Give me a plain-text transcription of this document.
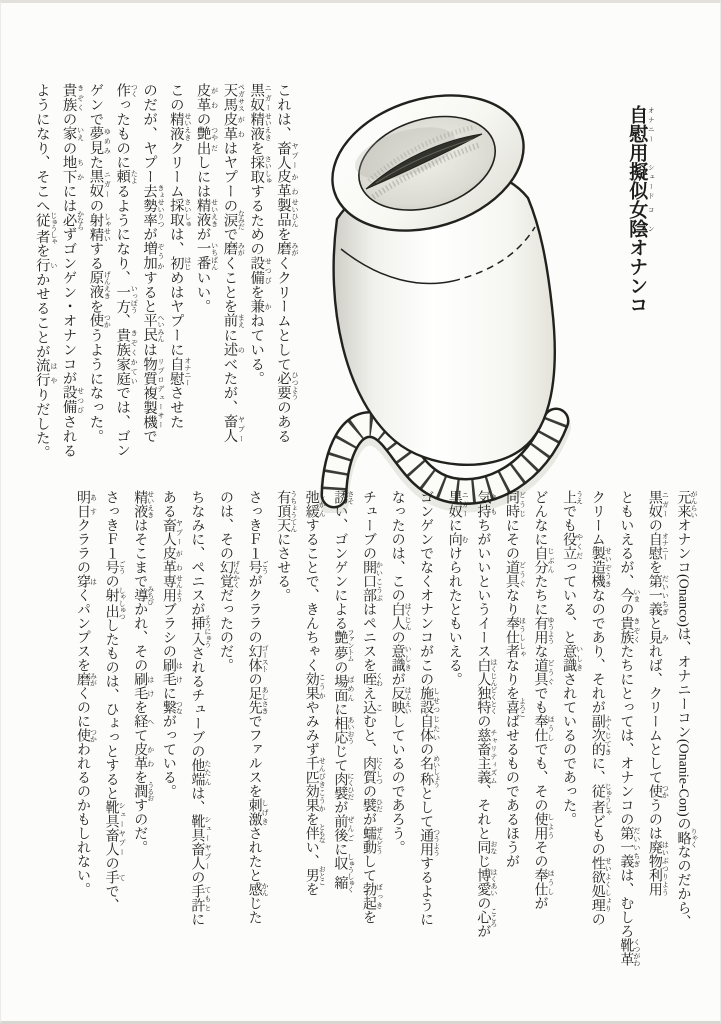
自慰 オナニー用擬似 シュード女陰 コンオナンコ
これは、畜人 ヤプー皮革 かわ製品 せいひんを磨 みがくクリームとして必要 ひつようのある
黒奴 ニガー精液 せいえきを採取 さいしゅするための設備 せつびを兼 かねている。
天馬 ペガサス皮革 がわはヤプーの涙 なみだで磨 みがくことを前 まえに述 のべたが、畜人 ヤプー
皮革 がわの艶 つや出 だしには精液 せいえきが一番 いちばんいい。
この精液 せいえきクリーム採取 さいしゅは、初 はじめはヤプーに自慰 オナニーさせた
のだが、ヤプー去勢率 きょせいりつが増加 ぞうかすると平民 へいみんは物質複製機 リプロデューサーで
作 つくったものに頼 たよるようになり、一方 いっぽう、貴族家庭 きぞくかていでは、ゴン
ゲンで夢見 ゆめみた黒奴 ニガーの射精 しゃせいする原液 げんえきを使 つかうようになった。
貴族 きぞくの家 いえの地下 ちかには必 かならずゴンゲン・オナンコが設備 せつびされる
ようになり、そこへ従者 じゅうしゃを行 いかせることが流行 はやりだした。
元来 がんらいオナンコ(Onanco)は、オナニーコン(Onanie-Con)の略 りゃくなのだから、
黒奴 ニガーの自慰 オナニーを第一義 だいいちぎと見 みれば、クリームとして使 つかうのは廃物利用 はいぶつりよう
ともいえるが、今 いまの貴族 きぞくたちにとっては、オナンコの第一義 だいいちぎは、むしろ靴革 くつがわ
クリーム製造機 せいぞうきなのであり、それが副次的 ふくじてきに、従者 じゅうしゃどもの性欲処理 せいよくしょりの
上 うえでも役立 やくだっている、と意識 いしきされているのであった。
どんなに自分 じぶんたちに有用 ゆうような道具 どうぐでも奉仕 ほうしでも、その使用 しようその奉仕 ほうしが
同時 どうじにその道具 どうぐなり奉仕者 ほうししゃなりを喜 よろこばせるものであるほうが
気持 きもちがいいというイース白人独特 はくじんどくとくの慈畜主義 チャリティズム、それと同 おなじ博愛 はくあいの心 こころが
黒奴 ニガーに向 むけられたともいえる。
ゴンゲンでなくオナンコがこの施設自体 しせつじたいの名称 めいしょうとして通用 つうようするように
なったのは、この白人 はくじんの意識 いしきが反映 はんえいしているのであろう。
チューブの開口部 かいこうぶはペニスを咥 くわえ込 こむと、肉質 にくしつの襞 ひだが蠕動 ぜんどうして勃起 ぼっきを
誘 さそい、ゴンゲンによる艶夢 ファントムの場面 ばめんに相応 あいおうじて肉襞 にくひだが前後 ぜんごに収縮 しゅうしゅく
弛緩 しかんすることで、きんちゃく効果 こうかやみみず千匹効果 せんびきこうかを伴 ともない、男 おとこを
有頂天 うちょうてんにさせる。
さっきＦ１号 ごうがクララの幻体 ゴーストの足先 あしさきでファルスを刺激 しげきされたと感 かんじた
のは、その幻覚 げんかくだったのだ。
ちなみに、ペニスが挿入 そうにゅうされるチューブの他端 たたんは、靴具畜人 シューヤプーの手許 てもとに
ある畜人 ヤプー皮革 がわ専用 せんようブラシの刷毛 はけに繋 つながっている。
精液 せいえきはそこまで導 みちびかれ、その刷毛 はけを経 へて皮革 かわを潤 うるおすのだ。
さっきＦ１号 ごうの射出 しゃしゅつしたものは、ひょっとすると靴具畜人 シューヤプーの手 てで、
明日 あすクララの穿 はくパンプスを磨 みがくのに使 つかわれるのかもしれない。
